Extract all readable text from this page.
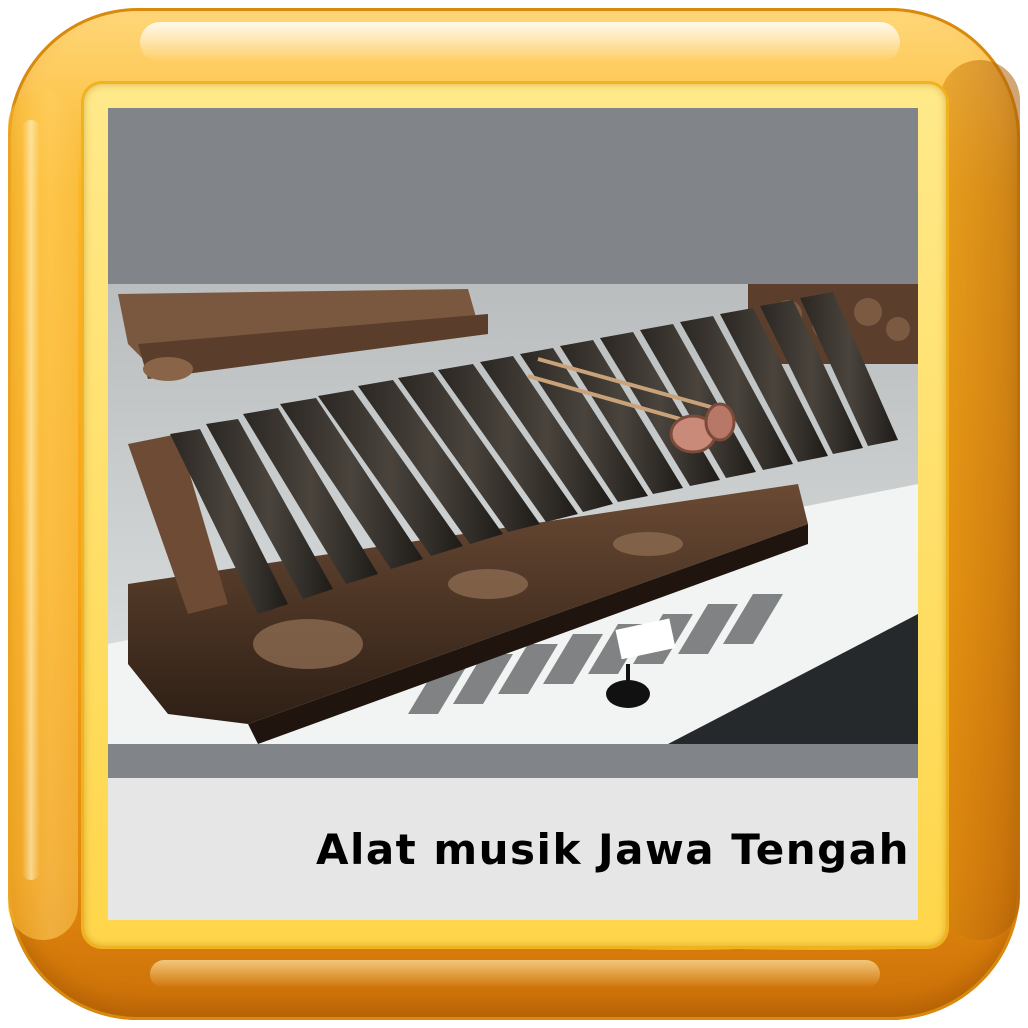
Alat musik Jawa Tengah
